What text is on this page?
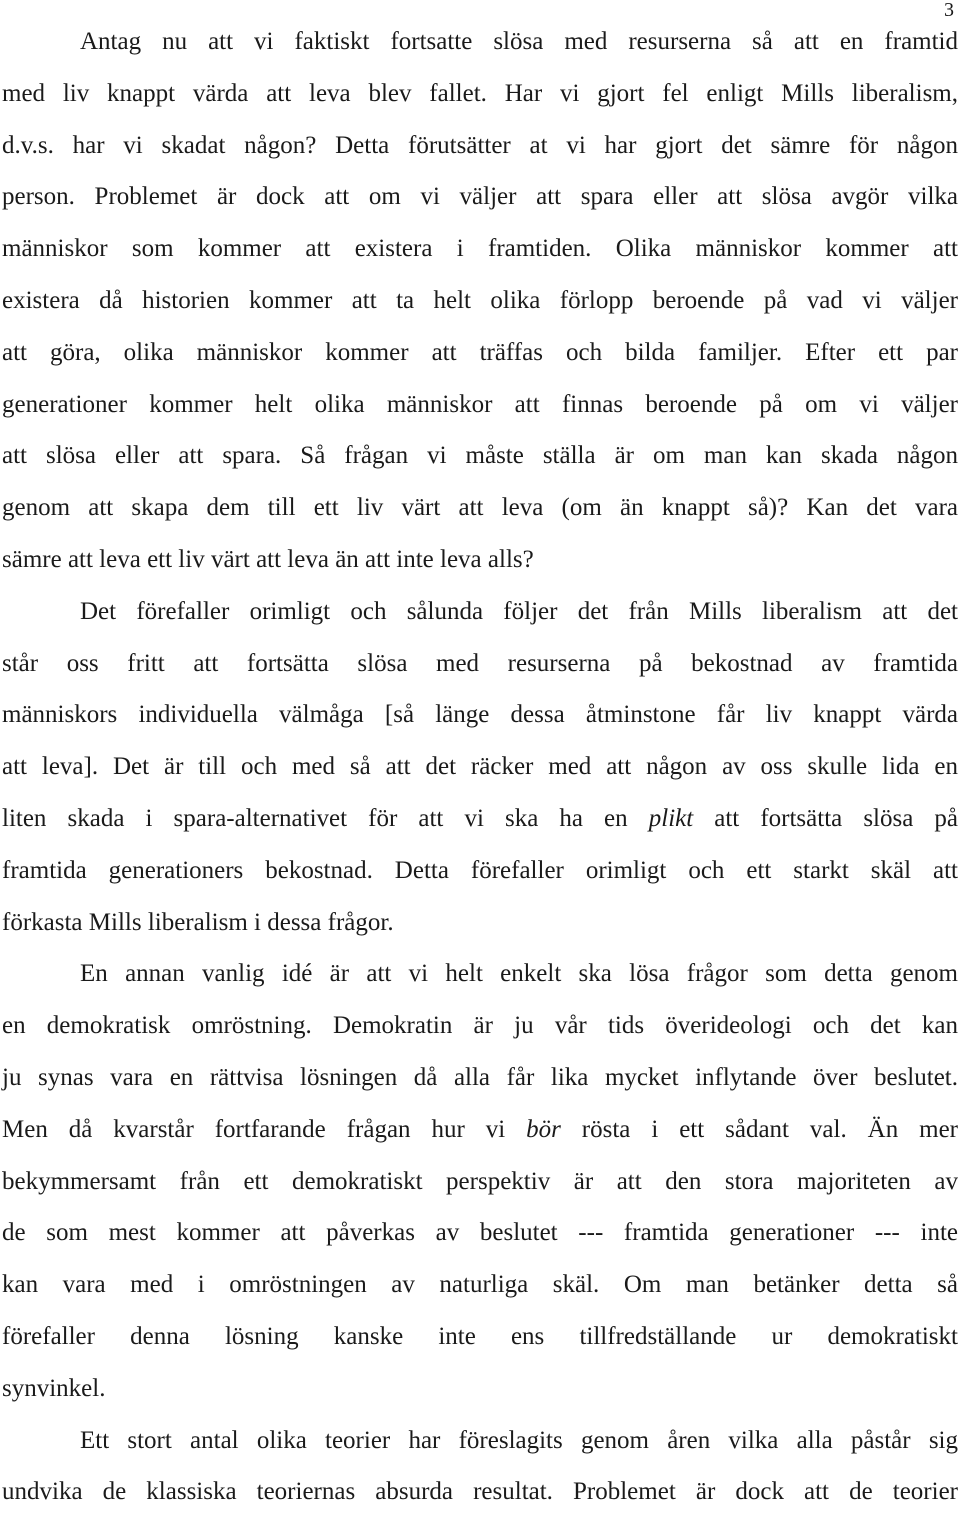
3
Antag nu att vi faktiskt fortsatte slösa med resurserna så att en framtid
med liv knappt värda att leva blev fallet. Har vi gjort fel enligt Mills liberalism,
d.v.s. har vi skadat någon? Detta förutsätter at vi har gjort det sämre för någon
person. Problemet är dock att om vi väljer att spara eller att slösa avgör vilka
människor som kommer att existera i framtiden. Olika människor kommer att
existera då historien kommer att ta helt olika förlopp beroende på vad vi väljer
att göra, olika människor kommer att träffas och bilda familjer. Efter ett par
generationer kommer helt olika människor att finnas beroende på om vi väljer
att slösa eller att spara. Så frågan vi måste ställa är om man kan skada någon
genom att skapa dem till ett liv värt att leva (om än knappt så)? Kan det vara
sämre att leva ett liv värt att leva än att inte leva alls?
Det förefaller orimligt och sålunda följer det från Mills liberalism att det
står oss fritt att fortsätta slösa med resurserna på bekostnad av framtida
människors individuella välmåga [så länge dessa åtminstone får liv knappt värda
att leva]. Det är till och med så att det räcker med att någon av oss skulle lida en
liten skada i spara-alternativet för att vi ska ha en plikt att fortsätta slösa på
framtida generationers bekostnad. Detta förefaller orimligt och ett starkt skäl att
förkasta Mills liberalism i dessa frågor.
En annan vanlig idé är att vi helt enkelt ska lösa frågor som detta genom
en demokratisk omröstning. Demokratin är ju vår tids överideologi och det kan
ju synas vara en rättvisa lösningen då alla får lika mycket inflytande över beslutet.
Men då kvarstår fortfarande frågan hur vi bör rösta i ett sådant val. Än mer
bekymmersamt från ett demokratiskt perspektiv är att den stora majoriteten av
de som mest kommer att påverkas av beslutet --- framtida generationer --- inte
kan vara med i omröstningen av naturliga skäl. Om man betänker detta så
förefaller denna lösning kanske inte ens tillfredställande ur demokratiskt
synvinkel.
Ett stort antal olika teorier har föreslagits genom åren vilka alla påstår sig
undvika de klassiska teoriernas absurda resultat. Problemet är dock att de teorier
